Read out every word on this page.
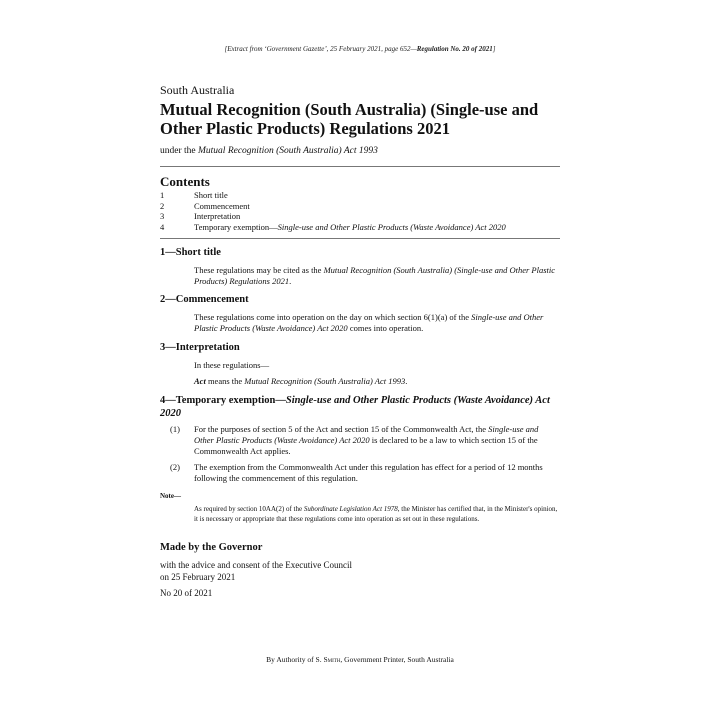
[Extract from ‘Government Gazette’, 25 February 2021, page 652—Regulation No. 20 of 2021]
South Australia
Mutual Recognition (South Australia) (Single-use and Other Plastic Products) Regulations 2021
under the Mutual Recognition (South Australia) Act 1993
Contents
1	Short title
2	Commencement
3	Interpretation
4	Temporary exemption—Single-use and Other Plastic Products (Waste Avoidance) Act 2020
1—Short title

These regulations may be cited as the Mutual Recognition (South Australia) (Single-use and Other Plastic Products) Regulations 2021.

2—Commencement

These regulations come into operation on the day on which section 6(1)(a) of the Single-use and Other Plastic Products (Waste Avoidance) Act 2020 comes into operation.

3—Interpretation

In these regulations—

Act means the Mutual Recognition (South Australia) Act 1993.

4—Temporary exemption—Single-use and Other Plastic Products (Waste Avoidance) Act 2020
(1)	For the purposes of section 5 of the Act and section 15 of the Commonwealth Act, the Single-use and Other Plastic Products (Waste Avoidance) Act 2020 is declared to be a law to which section 15 of the Commonwealth Act applies.
(2)	The exemption from the Commonwealth Act under this regulation has effect for a period of 12 months following the commencement of this regulation.
Note—
As required by section 10AA(2) of the Subordinate Legislation Act 1978, the Minister has certified that, in the Minister's opinion, it is necessary or appropriate that these regulations come into operation as set out in these regulations.
Made by the Governor
with the advice and consent of the Executive Council
on 25 February 2021
No 20 of 2021
By Authority of S. Smith, Government Printer, South Australia
